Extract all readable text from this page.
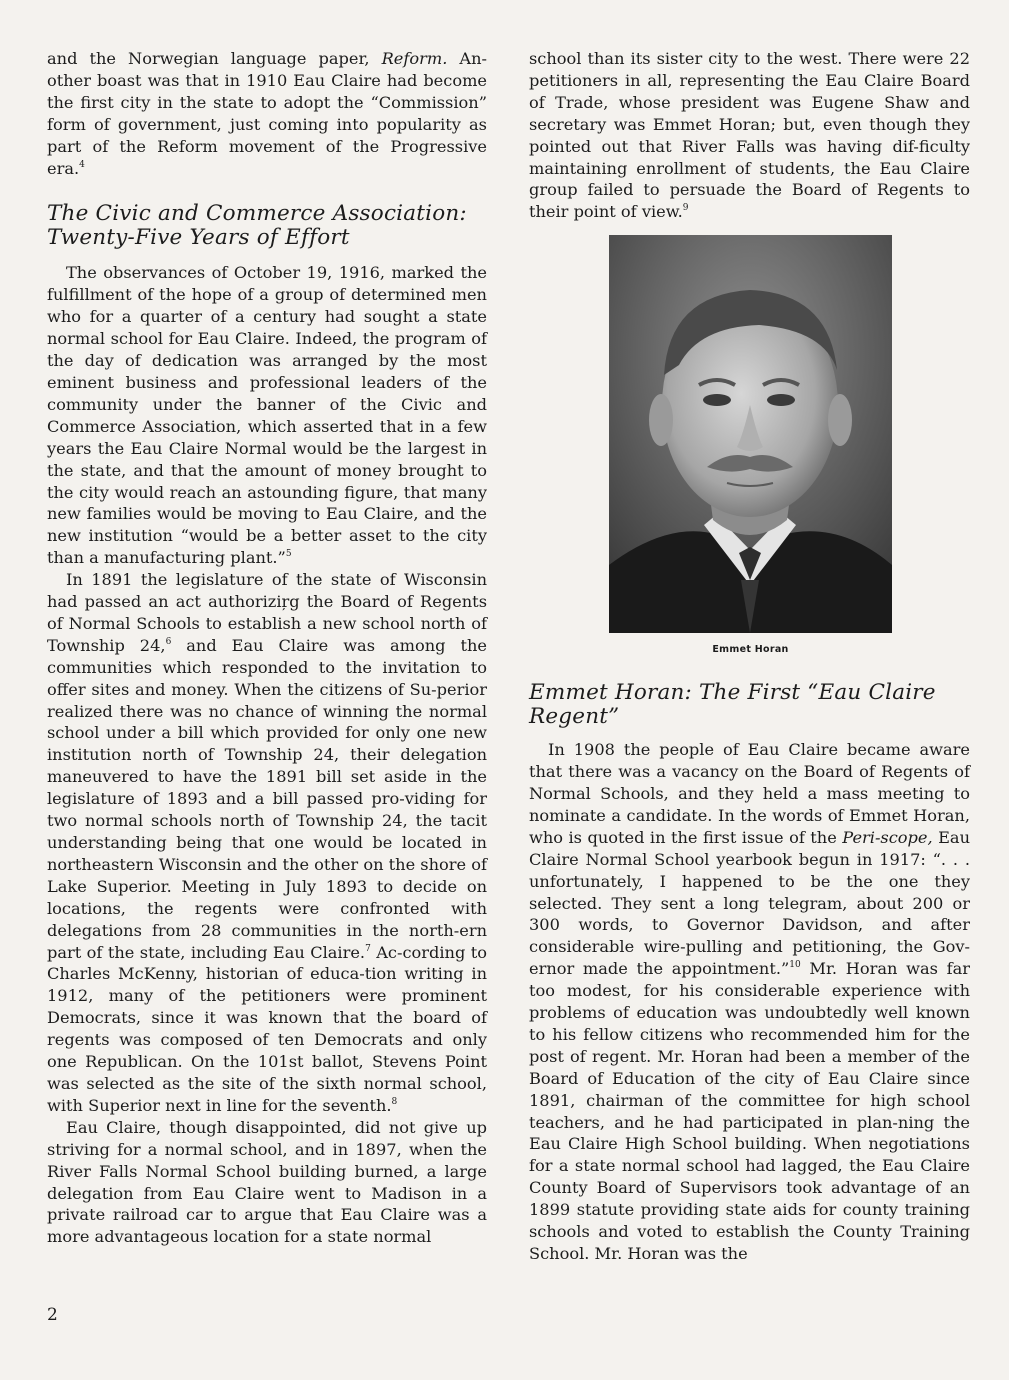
and the Norwegian language paper, Reform. An-other boast was that in 1910 Eau Claire had become the first city in the state to adopt the “Commission” form of government, just coming into popularity as part of the Reform movement of the Progressive era.$^4$

The Civic and Commerce Association: Twenty-Five Years of Effort

The observances of October 19, 1916, marked the fulfillment of the hope of a group of determined men who for a quarter of a century had sought a state normal school for Eau Claire. Indeed, the program of the day of dedication was arranged by the most eminent business and professional leaders of the community under the banner of the Civic and Commerce Association, which asserted that in a few years the Eau Claire Normal would be the largest in the state, and that the amount of money brought to the city would reach an astounding figure, that many new families would be moving to Eau Claire, and the new institution “would be a better asset to the city than a manufacturing plant.”$^5$

In 1891 the legislature of the state of Wisconsin had passed an act authoriziŗg the Board of Regents of Normal Schools to establish a new school north of Township 24,$^6$ and Eau Claire was among the communities which responded to the invitation to offer sites and money. When the citizens of Su-perior realized there was no chance of winning the normal school under a bill which provided for only one new institution north of Township 24, their delegation maneuvered to have the 1891 bill set aside in the legislature of 1893 and a bill passed pro-viding for two normal schools north of Township 24, the tacit understanding being that one would be located in northeastern Wisconsin and the other on the shore of Lake Superior. Meeting in July 1893 to decide on locations, the regents were confronted with delegations from 28 communities in the north-ern part of the state, including Eau Claire.$^7$ Ac-cording to Charles McKenny, historian of educa-tion writing in 1912, many of the petitioners were prominent Democrats, since it was known that the board of regents was composed of ten Democrats and only one Republican. On the 101st ballot, Stevens Point was selected as the site of the sixth normal school, with Superior next in line for the seventh.$^8$

Eau Claire, though disappointed, did not give up striving for a normal school, and in 1897, when the River Falls Normal School building burned, a large delegation from Eau Claire went to Madison in a private railroad car to argue that Eau Claire was a more advantageous location for a state normal

school than its sister city to the west. There were 22 petitioners in all, representing the Eau Claire Board of Trade, whose president was Eugene Shaw and secretary was Emmet Horan; but, even though they pointed out that River Falls was having dif-ficulty maintaining enrollment of students, the Eau Claire group failed to persuade the Board of Regents to their point of view.$^9$

Emmet Horan
Emmet Horan: The First “Eau Claire Regent”

In 1908 the people of Eau Claire became aware that there was a vacancy on the Board of Regents of Normal Schools, and they held a mass meeting to nominate a candidate. In the words of Emmet Horan, who is quoted in the first issue of the Peri-scope, Eau Claire Normal School yearbook begun in 1917: “. . . unfortunately, I happened to be the one they selected. They sent a long telegram, about 200 or 300 words, to Governor Davidson, and after considerable wire-pulling and petitioning, the Gov-ernor made the appointment.”$^{10}$ Mr. Horan was far too modest, for his considerable experience with problems of education was undoubtedly well known to his fellow citizens who recommended him for the post of regent. Mr. Horan had been a member of the Board of Education of the city of Eau Claire since 1891, chairman of the committee for high school teachers, and he had participated in plan-ning the Eau Claire High School building. When negotiations for a state normal school had lagged, the Eau Claire County Board of Supervisors took advantage of an 1899 statute providing state aids for county training schools and voted to establish the County Training School. Mr. Horan was the

2
